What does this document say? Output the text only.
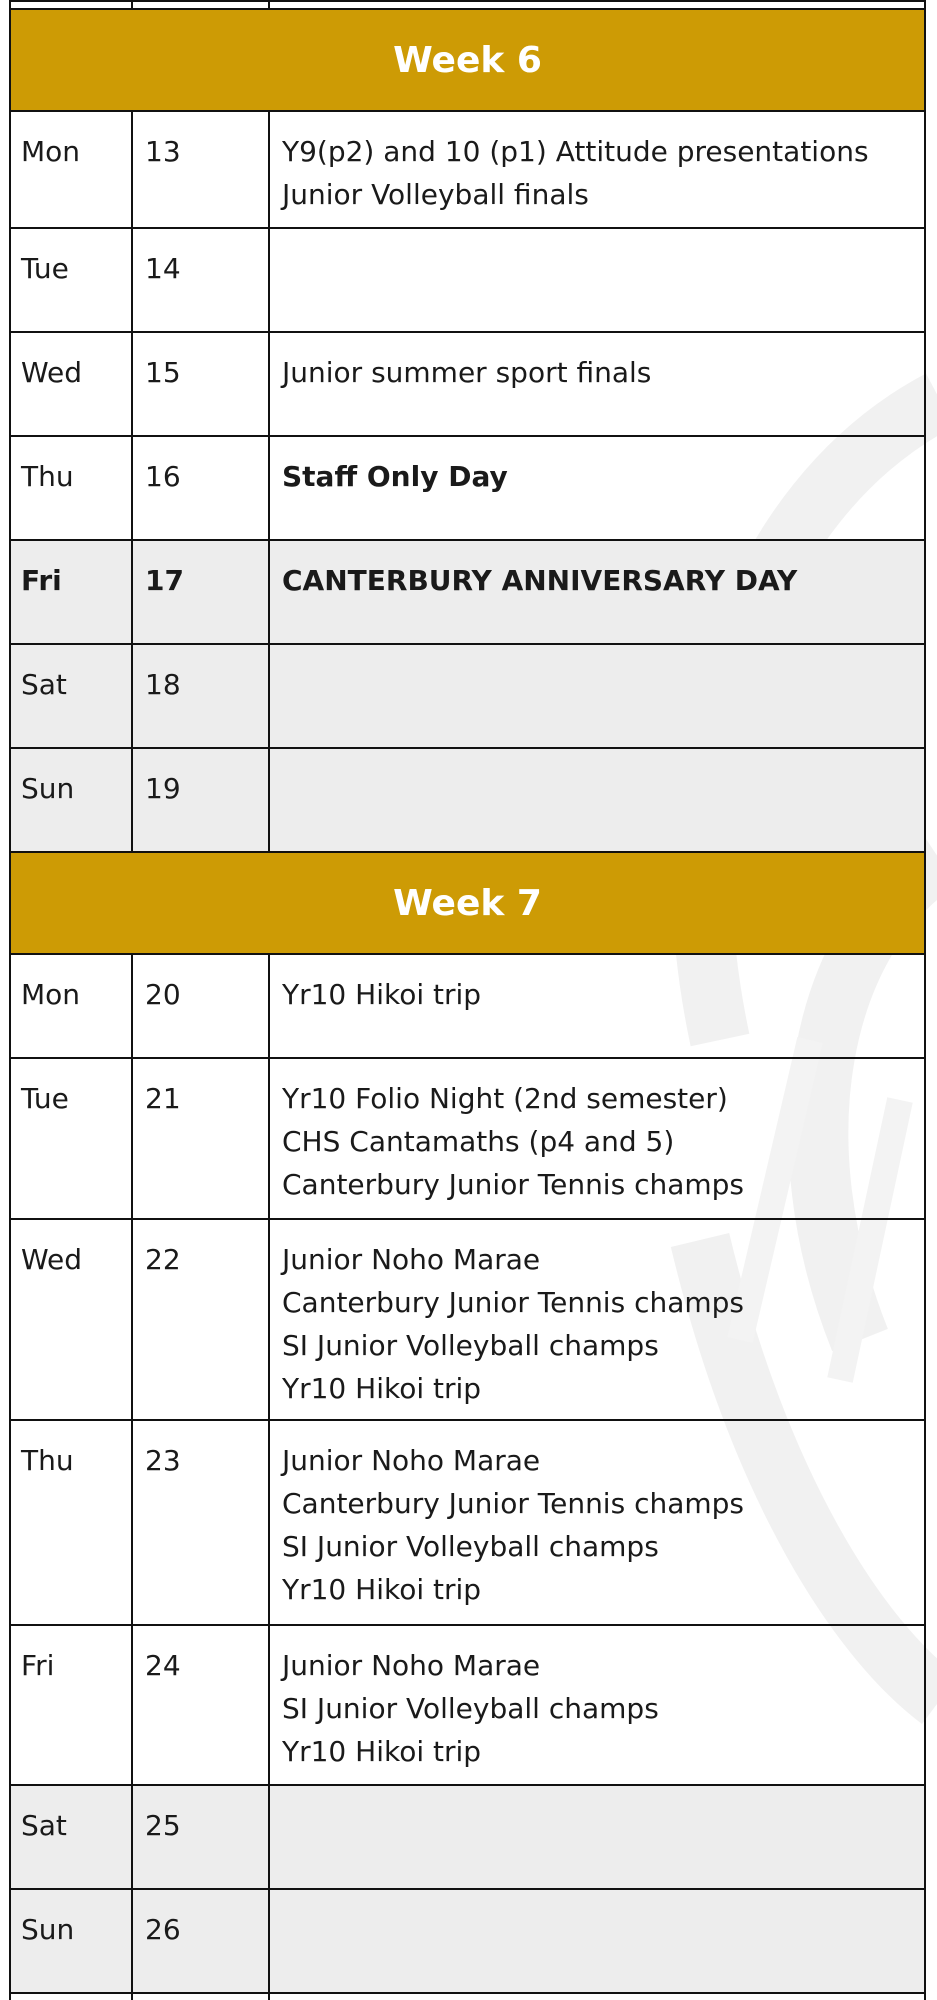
Week 6		
Mon	13	Y9(p2) and 10 (p1) Attitude presentations
Junior Volleyball finals

Tue	14	
Wed	15	Junior summer sport finals

Thu	16	Staff Only Day

Fri	17	CANTERBURY ANNIVERSARY DAY

Sat	18	
Sun	19	
Week 7		
Mon	20	Yr10 Hikoi trip

Tue	21	Yr10 Folio Night (2nd semester)
CHS Cantamaths (p4 and 5)
Canterbury Junior Tennis champs

Wed	22	Junior Noho Marae
Canterbury Junior Tennis champs
SI Junior Volleyball champs
Yr10 Hikoi trip

Thu	23	Junior Noho Marae
Canterbury Junior Tennis champs
SI Junior Volleyball champs
Yr10 Hikoi trip

Fri	24	Junior Noho Marae
SI Junior Volleyball champs
Yr10 Hikoi trip

Sat	25	
Sun	26	
